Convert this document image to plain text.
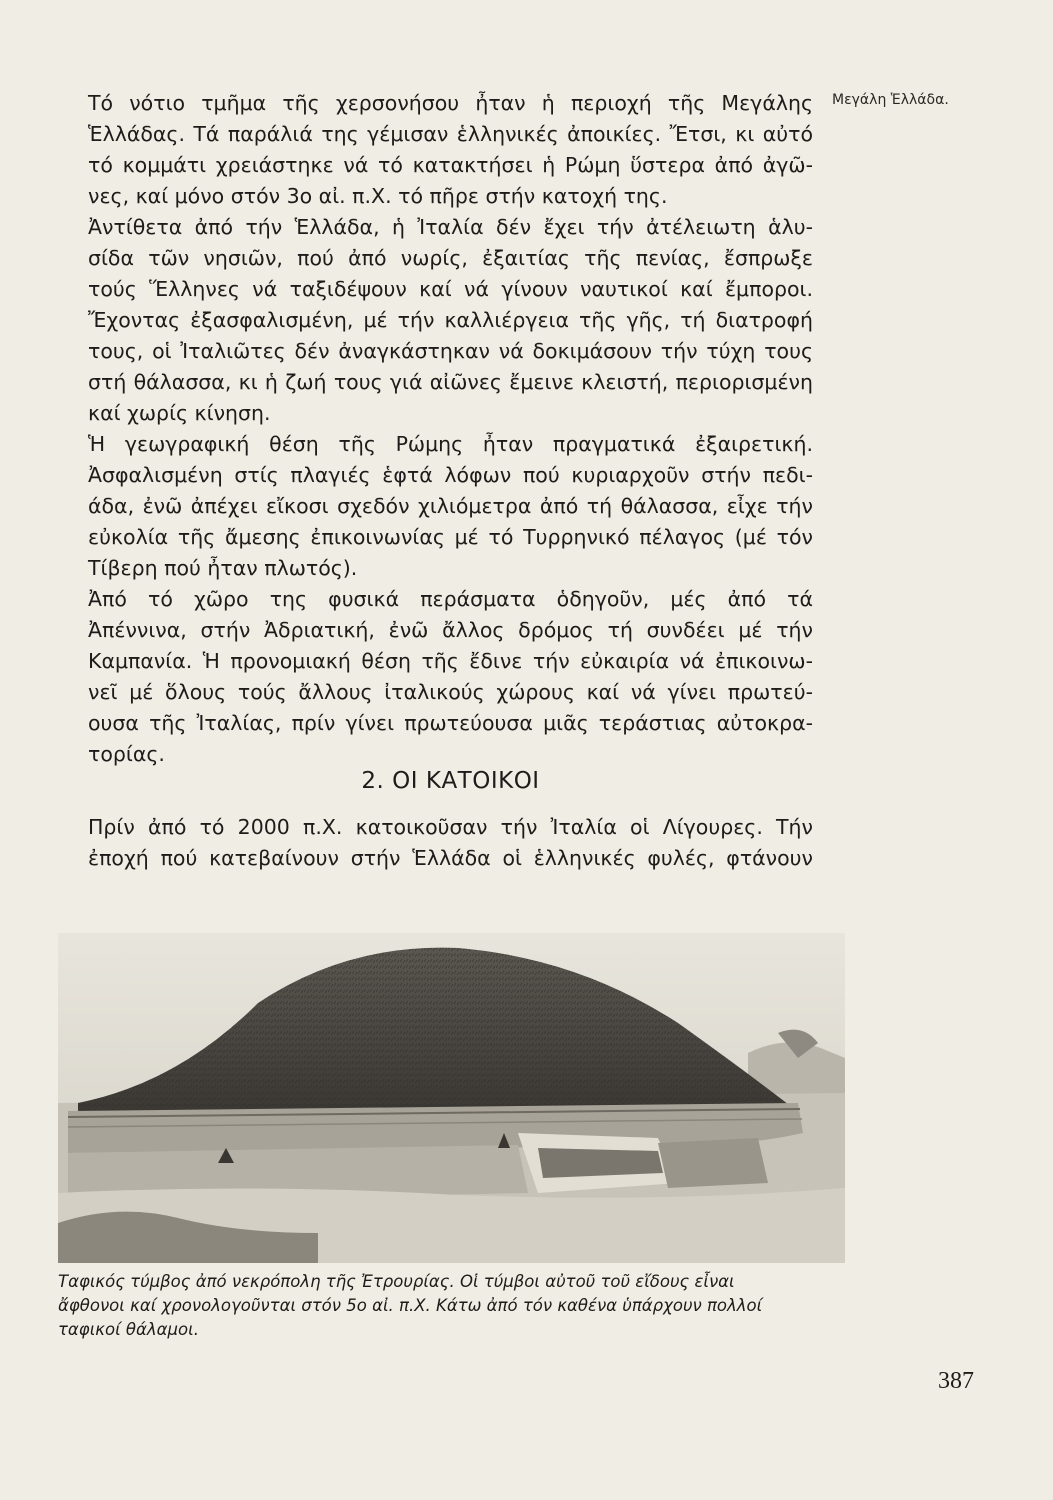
Μεγάλη Ἑλλάδα.

Τό νότιο τμῆμα τῆς χερσονήσου ἦταν ἡ περιοχή τῆς Μεγάλης
Ἑλλάδας. Τά παράλιά της γέμισαν ἑλληνικές ἀποικίες. Ἔτσι, κι αὐτό
τό κομμάτι χρειάστηκε νά τό κατακτήσει ἡ Ρώμη ὕστερα ἀπό ἀγῶ-
νες, καί μόνο στόν 3ο αἰ. π.Χ. τό πῆρε στήν κατοχή της.

Ἀντίθετα ἀπό τήν Ἑλλάδα, ἡ Ἰταλία δέν ἔχει τήν ἀτέλειωτη ἁλυ-
σίδα τῶν νησιῶν, πού ἀπό νωρίς, ἐξαιτίας τῆς πενίας, ἔσπρωξε
τούς Ἕλληνες νά ταξιδέψουν καί νά γίνουν ναυτικοί καί ἔμποροι.
Ἔχοντας ἐξασφαλισμένη, μέ τήν καλλιέργεια τῆς γῆς, τή διατροφή
τους, οἱ Ἰταλιῶτες δέν ἀναγκάστηκαν νά δοκιμάσουν τήν τύχη τους
στή θάλασσα, κι ἡ ζωή τους γιά αἰῶνες ἔμεινε κλειστή, περιορισμένη
καί χωρίς κίνηση.

Ἡ γεωγραφική θέση τῆς Ρώμης ἦταν πραγματικά ἐξαιρετική.
Ἀσφαλισμένη στίς πλαγιές ἑφτά λόφων πού κυριαρχοῦν στήν πεδι-
άδα, ἐνῶ ἀπέχει εἴκοσι σχεδόν χιλιόμετρα ἀπό τή θάλασσα, εἶχε τήν
εὐκολία τῆς ἄμεσης ἐπικοινωνίας μέ τό Τυρρηνικό πέλαγος (μέ τόν
Τίβερη πού ἦταν πλωτός).

Ἀπό τό χῶρο της φυσικά περάσματα ὁδηγοῦν, μές ἀπό τά
Ἀπέννινα, στήν Ἀδριατική, ἐνῶ ἄλλος δρόμος τή συνδέει μέ τήν
Καμπανία. Ἡ προνομιακή θέση τῆς ἔδινε τήν εὐκαιρία νά ἐπικοινω-
νεῖ μέ ὅλους τούς ἄλλους ἰταλικούς χώρους καί νά γίνει πρωτεύ-
ουσα τῆς Ἰταλίας, πρίν γίνει πρωτεύουσα μιᾶς τεράστιας αὐτοκρα-
τορίας.

2. ΟΙ ΚΑΤΟΙΚΟΙ

Πρίν ἀπό τό 2000 π.Χ. κατοικοῦσαν τήν Ἰταλία οἱ Λίγουρες. Τήν
ἐποχή πού κατεβαίνουν στήν Ἑλλάδα οἱ ἑλληνικές φυλές, φτάνουν

Ταφικός τύμβος ἀπό νεκρόπολη τῆς Ἐτρουρίας. Οἱ τύμβοι αὐτοῦ τοῦ εἴδους εἶναι
ἄφθονοι καί χρονολογοῦνται στόν 5ο αἰ. π.Χ. Κάτω ἀπό τόν καθένα ὑπάρχουν πολλοί
ταφικοί θάλαμοι.
387
